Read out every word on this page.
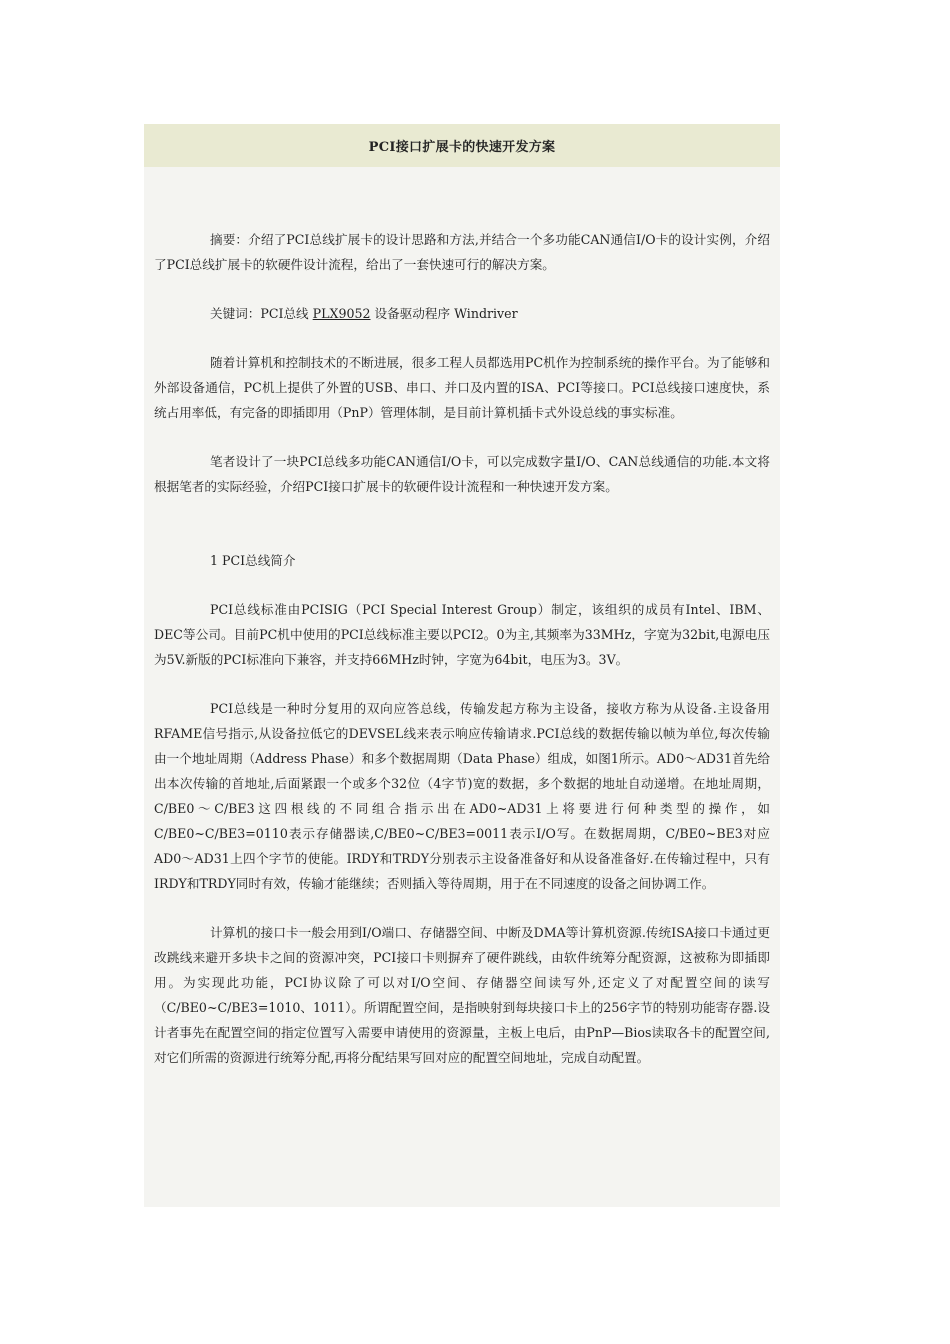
PCI接口扩展卡的快速开发方案

摘要：介绍了PCI总线扩展卡的设计思路和方法,并结合一个多功能CAN通信I/O卡的设计实例，介绍了PCI总线扩展卡的软硬件设计流程，给出了一套快速可行的解决方案。

关键词：PCI总线 PLX9052 设备驱动程序 Windriver

随着计算机和控制技术的不断进展，很多工程人员都选用PC机作为控制系统的操作平台。为了能够和外部设备通信，PC机上提供了外置的USB、串口、并口及内置的ISA、PCI等接口。PCI总线接口速度快，系统占用率低，有完备的即插即用（PnP）管理体制，是目前计算机插卡式外设总线的事实标准。

笔者设计了一块PCI总线多功能CAN通信I/O卡，可以完成数字量I/O、CAN总线通信的功能.本文将根据笔者的实际经验，介绍PCI接口扩展卡的软硬件设计流程和一种快速开发方案。

1 PCI总线简介

PCI总线标准由PCISIG（PCI Special Interest Group）制定，该组织的成员有Intel、IBM、DEC等公司。目前PC机中使用的PCI总线标准主要以PCI2。0为主,其频率为33MHz，字宽为32bit,电源电压为5V.新版的PCI标准向下兼容，并支持66MHz时钟，字宽为64bit，电压为3。3V。

PCI总线是一种时分复用的双向应答总线，传输发起方称为主设备，接收方称为从设备.主设备用RFAME信号指示,从设备拉低它的DEVSEL线来表示响应传输请求.PCI总线的数据传输以帧为单位,每次传输由一个地址周期（Address Phase）和多个数据周期（Data Phase）组成，如图1所示。AD0～AD31首先给出本次传输的首地址,后面紧跟一个或多个32位（4字节)宽的数据，多个数据的地址自动递增。在地址周期，C/BE0～C/BE3这四根线的不同组合指示出在AD0~AD31上将要进行何种类型的操作，如C/BE0~C/BE3=0110表示存储器读,C/BE0~C/BE3=0011表示I/O写。在数据周期，C/BE0~BE3对应AD0～AD31上四个字节的使能。IRDY和TRDY分别表示主设备准备好和从设备准备好.在传输过程中，只有IRDY和TRDY同时有效，传输才能继续；否则插入等待周期，用于在不同速度的设备之间协调工作。

计算机的接口卡一般会用到I/O端口、存储器空间、中断及DMA等计算机资源.传统ISA接口卡通过更改跳线来避开多块卡之间的资源冲突，PCI接口卡则摒弃了硬件跳线，由软件统筹分配资源，这被称为即插即用。为实现此功能，PCI协议除了可以对I/O空间、存储器空间读写外,还定义了对配置空间的读写（C/BE0~C/BE3=1010、1011）。所谓配置空间，是指映射到每块接口卡上的256字节的特别功能寄存器.设计者事先在配置空间的指定位置写入需要申请使用的资源量，主板上电后，由PnP—Bios读取各卡的配置空间,对它们所需的资源进行统筹分配,再将分配结果写回对应的配置空间地址，完成自动配置。
